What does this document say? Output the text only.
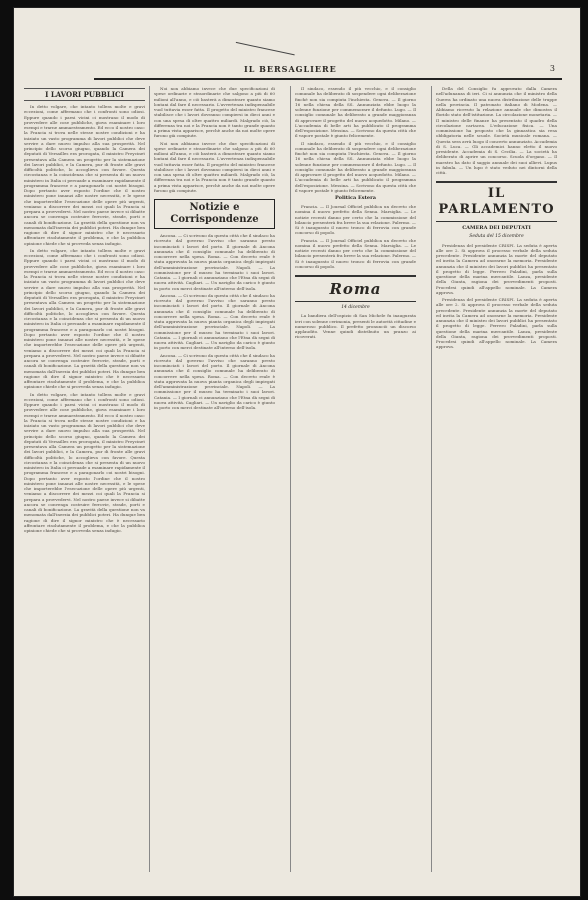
IL BERSAGLIERE	3
I LAVORI PUBBLICI

In detto volgare, che intanto tollera molte e gravi eccezioni, come affermano che i confronti sono odiosi. Eppure quando i paesi vicini ci mostrano il modo di provvedere alle cose pubbliche, giova esaminare i loro esempi e trarne ammaestramento. Ed ecco il nostro caso: la Francia si trova nelle stesse nostre condizioni e ha iniziato un vasto programma di lavori pubblici che deve servire a dare nuovo impulso alla sua prosperità. Nel principio dello scorso giugno, quando la Camera dei deputati di Versailles era prorogata, il ministro Freycinet presentava alla Camera un progetto per la sistemazione dei lavori pubblici, e la Camera, pur di fronte alle gravi difficoltà politiche, lo accoglieva con favore. Questa circostanza e la coincidenza che si presenta di un nuovo ministero in Italia ci persuade a esaminare rapidamente il programma francese e a paragonarlo coi nostri bisogni. Dopo pertanto aver esposto l'ordine che il nostro ministero pone innanzi alle nostre necessità, e le spese che importerebbe l'esecuzione delle opere più urgenti, veniamo a discorrere dei mezzi coi quali la Francia si prepara a provvedervi. Nel nostro paese invece si dibatte ancora se convenga costruire ferrovie, strade, porti e canali di bonificazione. La gravità della questione non va menomata dall'inerzia dei pubblici poteri. Ha dunque ben ragione di dire il signor ministro che è necessario affrontare risolutamente il problema, e che la pubblica opinione chiede che si provveda senza indugio.

In detto volgare, che intanto tollera molte e gravi eccezioni, come affermano che i confronti sono odiosi. Eppure quando i paesi vicini ci mostrano il modo di provvedere alle cose pubbliche, giova esaminare i loro esempi e trarne ammaestramento. Ed ecco il nostro caso: la Francia si trova nelle stesse nostre condizioni e ha iniziato un vasto programma di lavori pubblici che deve servire a dare nuovo impulso alla sua prosperità. Nel principio dello scorso giugno, quando la Camera dei deputati di Versailles era prorogata, il ministro Freycinet presentava alla Camera un progetto per la sistemazione dei lavori pubblici, e la Camera, pur di fronte alle gravi difficoltà politiche, lo accoglieva con favore. Questa circostanza e la coincidenza che si presenta di un nuovo ministero in Italia ci persuade a esaminare rapidamente il programma francese e a paragonarlo coi nostri bisogni. Dopo pertanto aver esposto l'ordine che il nostro ministero pone innanzi alle nostre necessità, e le spese che importerebbe l'esecuzione delle opere più urgenti, veniamo a discorrere dei mezzi coi quali la Francia si prepara a provvedervi. Nel nostro paese invece si dibatte ancora se convenga costruire ferrovie, strade, porti e canali di bonificazione. La gravità della questione non va menomata dall'inerzia dei pubblici poteri. Ha dunque ben ragione di dire il signor ministro che è necessario affrontare risolutamente il problema, e che la pubblica opinione chiede che si provveda senza indugio.

In detto volgare, che intanto tollera molte e gravi eccezioni, come affermano che i confronti sono odiosi. Eppure quando i paesi vicini ci mostrano il modo di provvedere alle cose pubbliche, giova esaminare i loro esempi e trarne ammaestramento. Ed ecco il nostro caso: la Francia si trova nelle stesse nostre condizioni e ha iniziato un vasto programma di lavori pubblici che deve servire a dare nuovo impulso alla sua prosperità. Nel principio dello scorso giugno, quando la Camera dei deputati di Versailles era prorogata, il ministro Freycinet presentava alla Camera un progetto per la sistemazione dei lavori pubblici, e la Camera, pur di fronte alle gravi difficoltà politiche, lo accoglieva con favore. Questa circostanza e la coincidenza che si presenta di un nuovo ministero in Italia ci persuade a esaminare rapidamente il programma francese e a paragonarlo coi nostri bisogni. Dopo pertanto aver esposto l'ordine che il nostro ministero pone innanzi alle nostre necessità, e le spese che importerebbe l'esecuzione delle opere più urgenti, veniamo a discorrere dei mezzi coi quali la Francia si prepara a provvedervi. Nel nostro paese invece si dibatte ancora se convenga costruire ferrovie, strade, porti e canali di bonificazione. La gravità della questione non va menomata dall'inerzia dei pubblici poteri. Ha dunque ben ragione di dire il signor ministro che è necessario affrontare risolutamente il problema, e che la pubblica opinione chiede che si provveda senza indugio.

Noi non abbiamo invece che due specificazioni di spese ordinarie e straordinarie che salgono a più di 60 milioni all'anno, e ciò basterà a dimostrare quanto siamo lontani dal fare il necessario. L'avvertenza indispensabile vuol tuttavia esser fatta. Il progetto del ministro francese stabilisce che i lavori dovranno compiersi in dieci anni e con una spesa di oltre quattro miliardi. Malgrado ciò, la differenza tra noi e la Francia non è tanto grande quanto a prima vista apparisce, perchè anche da noi molte opere furono già compiute.

Noi non abbiamo invece che due specificazioni di spese ordinarie e straordinarie che salgono a più di 60 milioni all'anno, e ciò basterà a dimostrare quanto siamo lontani dal fare il necessario. L'avvertenza indispensabile vuol tuttavia esser fatta. Il progetto del ministro francese stabilisce che i lavori dovranno compiersi in dieci anni e con una spesa di oltre quattro miliardi. Malgrado ciò, la differenza tra noi e la Francia non è tanto grande quanto a prima vista apparisce, perchè anche da noi molte opere furono già compiute.

Notizie e Corrispondenze

Ancona. — Ci scrivono da questa città che il sindaco ha ricevuto dal governo l'avviso che saranno presto incominciati i lavori del porto. Il giornale di Ancona annunzia che il consiglio comunale ha deliberato di concorrere nella spesa. Roma. — Con decreto reale è stata approvata la nuova pianta organica degli impiegati dell'amministrazione provinciale. Napoli. — La commissione per il museo ha terminato i suoi lavori. Catania. — I giornali ci annunziano che l'Etna dà segni di nuova attività. Cagliari. — Un naviglio da carico è giunto in porto con merci destinate all'interno dell'isola.

Ancona. — Ci scrivono da questa città che il sindaco ha ricevuto dal governo l'avviso che saranno presto incominciati i lavori del porto. Il giornale di Ancona annunzia che il consiglio comunale ha deliberato di concorrere nella spesa. Roma. — Con decreto reale è stata approvata la nuova pianta organica degli impiegati dell'amministrazione provinciale. Napoli. — La commissione per il museo ha terminato i suoi lavori. Catania. — I giornali ci annunziano che l'Etna dà segni di nuova attività. Cagliari. — Un naviglio da carico è giunto in porto con merci destinate all'interno dell'isola.

Ancona. — Ci scrivono da questa città che il sindaco ha ricevuto dal governo l'avviso che saranno presto incominciati i lavori del porto. Il giornale di Ancona annunzia che il consiglio comunale ha deliberato di concorrere nella spesa. Roma. — Con decreto reale è stata approvata la nuova pianta organica degli impiegati dell'amministrazione provinciale. Napoli. — La commissione per il museo ha terminato i suoi lavori. Catania. — I giornali ci annunziano che l'Etna dà segni di nuova attività. Cagliari. — Un naviglio da carico è giunto in porto con merci destinate all'interno dell'isola.

Il sindaco, essendo il più vecchio, e il consiglio comunale ha deliberato di sospendere ogni deliberazione finchè non sia compiuta l'inchiesta. Genova. — Il giorno 16 nella chiesa della SS. Annunziata ebbe luogo la solenne funzione per commemorare il defunto. Lugo. — Il consiglio comunale ha deliberato a grande maggioranza di approvare il progetto del nuovo acquedotto. Milano. — L'accademia di belle arti ha pubblicato il programma dell'esposizione. Messina. — Scrivono da questa città che il vapore postale è giunto felicemente.

Il sindaco, essendo il più vecchio, e il consiglio comunale ha deliberato di sospendere ogni deliberazione finchè non sia compiuta l'inchiesta. Genova. — Il giorno 16 nella chiesa della SS. Annunziata ebbe luogo la solenne funzione per commemorare il defunto. Lugo. — Il consiglio comunale ha deliberato a grande maggioranza di approvare il progetto del nuovo acquedotto. Milano. — L'accademia di belle arti ha pubblicato il programma dell'esposizione. Messina. — Scrivono da questa città che il vapore postale è giunto felicemente.

Politica Estera

Francia. — Il Journal Officiel pubblica un decreto che nomina il nuovo prefetto della Senna. Marsiglia. — Le notizie recenti danno per certo che la commissione del bilancio presenterà fra breve la sua relazione. Palermo. — Si è inaugurato il nuovo tronco di ferrovia con grande concorso di popolo.

Francia. — Il Journal Officiel pubblica un decreto che nomina il nuovo prefetto della Senna. Marsiglia. — Le notizie recenti danno per certo che la commissione del bilancio presenterà fra breve la sua relazione. Palermo. — Si è inaugurato il nuovo tronco di ferrovia con grande concorso di popolo.

Roma
14 dicembre

La bandiera dell'ospizio di San Michele fu inaugurata ieri con solenne cerimonia, presenti le autorità cittadine e numeroso pubblico. Il prefetto pronunciò un discorso applaudito. Venne quindi distribuito un pranzo ai ricoverati.

Della del Consiglio fu approvato dalla Camera nell'adunanza di ieri. Ci si annunzia che il ministro della Guerra ha ordinato una nuova distribuzione delle truppe nella provincia. Il patronato italiano di Modena. — Abbiamo ricevuto la relazione annuale che dimostra il florido stato dell'istituzione. La circolazione monetaria. — Il ministro delle finanze ha presentato il quadro della circolazione cartacea. L'educazione fisica. — Una commissione ha proposto che la ginnastica sia resa obbligatoria nelle scuole. Società musicale romana. — Questa sera avrà luogo il concerto annunziato. Accademia di S. Luca. — Gli accademici hanno eletto il nuovo presidente. Accademia di S. Cecilia. — La società ha deliberato di aprire un concorso. Scuola d'organo. — Il maestro ha dato il saggio annuale dei suoi allievi. Lupus in fabula. — Un lupo è stato veduto nei dintorni della città.

IL PARLAMENTO
CAMERA DEI DEPUTATI
Seduta del 15 dicembre

Presidenza del presidente CRISPI. La seduta è aperta alle ore 2. Si approva il processo verbale della seduta precedente. Presidente annunzia la morte del deputato ed invita la Camera ad onorarne la memoria. Presidente annunzia che il ministro dei lavori pubblici ha presentato il progetto di legge. Ferrero Paladini, parla sulla questione della marina mercantile. Lanza, presidente della Giunta, ragiona dei provvedimenti proposti. Procedesi quindi all'appello nominale. La Camera approva.

Presidenza del presidente CRISPI. La seduta è aperta alle ore 2. Si approva il processo verbale della seduta precedente. Presidente annunzia la morte del deputato ed invita la Camera ad onorarne la memoria. Presidente annunzia che il ministro dei lavori pubblici ha presentato il progetto di legge. Ferrero Paladini, parla sulla questione della marina mercantile. Lanza, presidente della Giunta, ragiona dei provvedimenti proposti. Procedesi quindi all'appello nominale. La Camera approva.
